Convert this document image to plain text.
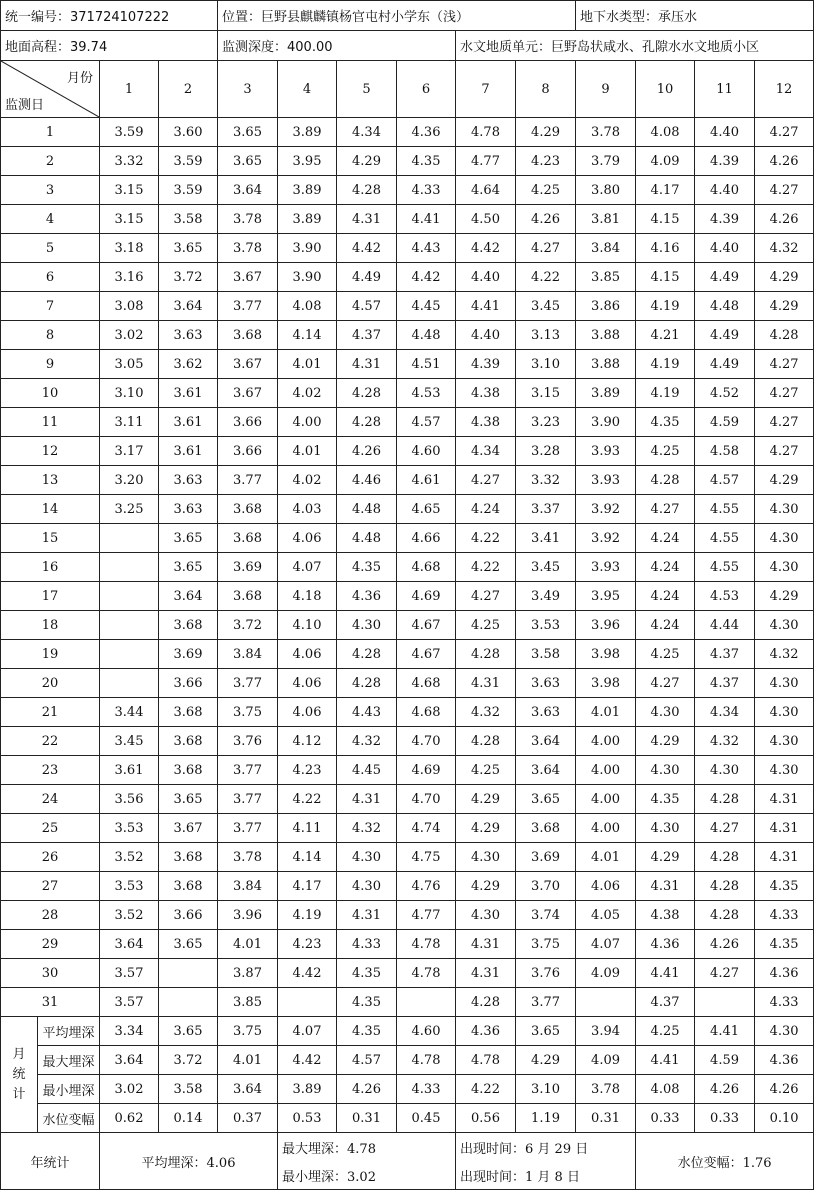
统一编号：371724107222				位置：巨野县麒麟镇杨官屯村小学东（浅）						地下水类型：承压水			
地面高程：39.74				监测深度：400.00				水文地质单元：巨野岛状咸水、孔隙水水文地质小区					

月份
监测日		1	2	3	4	5	6	7	8	9	10	11	12
1		3.59	3.60	3.65	3.89	4.34	4.36	4.78	4.29	3.78	4.08	4.40	4.27
2		3.32	3.59	3.65	3.95	4.29	4.35	4.77	4.23	3.79	4.09	4.39	4.26
3		3.15	3.59	3.64	3.89	4.28	4.33	4.64	4.25	3.80	4.17	4.40	4.27
4		3.15	3.58	3.78	3.89	4.31	4.41	4.50	4.26	3.81	4.15	4.39	4.26
5		3.18	3.65	3.78	3.90	4.42	4.43	4.42	4.27	3.84	4.16	4.40	4.32
6		3.16	3.72	3.67	3.90	4.49	4.42	4.40	4.22	3.85	4.15	4.49	4.29
7		3.08	3.64	3.77	4.08	4.57	4.45	4.41	3.45	3.86	4.19	4.48	4.29
8		3.02	3.63	3.68	4.14	4.37	4.48	4.40	3.13	3.88	4.21	4.49	4.28
9		3.05	3.62	3.67	4.01	4.31	4.51	4.39	3.10	3.88	4.19	4.49	4.27
10		3.10	3.61	3.67	4.02	4.28	4.53	4.38	3.15	3.89	4.19	4.52	4.27
11		3.11	3.61	3.66	4.00	4.28	4.57	4.38	3.23	3.90	4.35	4.59	4.27
12		3.17	3.61	3.66	4.01	4.26	4.60	4.34	3.28	3.93	4.25	4.58	4.27
13		3.20	3.63	3.77	4.02	4.46	4.61	4.27	3.32	3.93	4.28	4.57	4.29
14		3.25	3.63	3.68	4.03	4.48	4.65	4.24	3.37	3.92	4.27	4.55	4.30
15			3.65	3.68	4.06	4.48	4.66	4.22	3.41	3.92	4.24	4.55	4.30
16			3.65	3.69	4.07	4.35	4.68	4.22	3.45	3.93	4.24	4.55	4.30
17			3.64	3.68	4.18	4.36	4.69	4.27	3.49	3.95	4.24	4.53	4.29
18			3.68	3.72	4.10	4.30	4.67	4.25	3.53	3.96	4.24	4.44	4.30
19			3.69	3.84	4.06	4.28	4.67	4.28	3.58	3.98	4.25	4.37	4.32
20			3.66	3.77	4.06	4.28	4.68	4.31	3.63	3.98	4.27	4.37	4.30
21		3.44	3.68	3.75	4.06	4.43	4.68	4.32	3.63	4.01	4.30	4.34	4.30
22		3.45	3.68	3.76	4.12	4.32	4.70	4.28	3.64	4.00	4.29	4.32	4.30
23		3.61	3.68	3.77	4.23	4.45	4.69	4.25	3.64	4.00	4.30	4.30	4.30
24		3.56	3.65	3.77	4.22	4.31	4.70	4.29	3.65	4.00	4.35	4.28	4.31
25		3.53	3.67	3.77	4.11	4.32	4.74	4.29	3.68	4.00	4.30	4.27	4.31
26		3.52	3.68	3.78	4.14	4.30	4.75	4.30	3.69	4.01	4.29	4.28	4.31
27		3.53	3.68	3.84	4.17	4.30	4.76	4.29	3.70	4.06	4.31	4.28	4.35
28		3.52	3.66	3.96	4.19	4.31	4.77	4.30	3.74	4.05	4.38	4.28	4.33
29		3.64	3.65	4.01	4.23	4.33	4.78	4.31	3.75	4.07	4.36	4.26	4.35
30		3.57		3.87	4.42	4.35	4.78	4.31	3.76	4.09	4.41	4.27	4.36
31		3.57		3.85		4.35		4.28	3.77		4.37		4.33

月
统
计	平均埋深	3.34	3.65	3.75	4.07	4.35	4.60	4.36	3.65	3.94	4.25	4.41	4.30
	最大埋深	3.64	3.72	4.01	4.42	4.57	4.78	4.78	4.29	4.09	4.41	4.59	4.36
	最小埋深	3.02	3.58	3.64	3.89	4.26	4.33	4.22	3.10	3.78	4.08	4.26	4.26
	水位变幅	0.62	0.14	0.37	0.53	0.31	0.45	0.56	1.19	0.31	0.33	0.33	0.10
年统计		平均埋深：4.06			最大埋深：4.78			出现时间：6 月 29 日			水位变幅：1.76		
					最小埋深：3.02			出现时间：1 月 8 日					
